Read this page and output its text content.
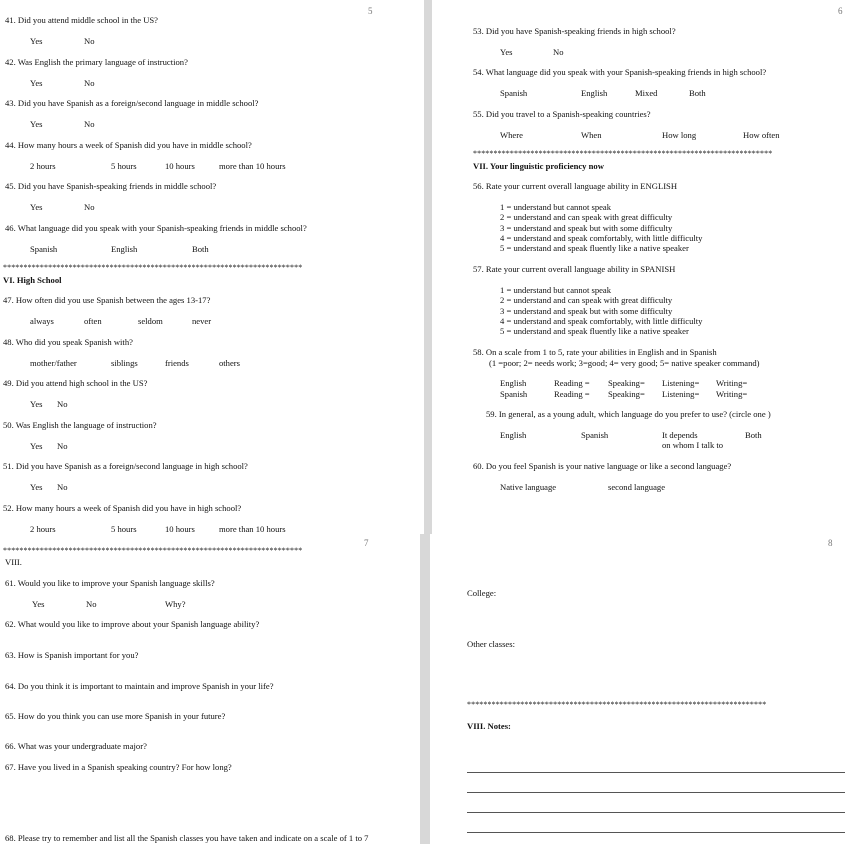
5
41. Did you attend middle school in the US?
Yes	No
42. Was English the primary language of instruction?
Yes	No
43. Did you have Spanish as a foreign/second language in middle school?
Yes	No
44. How many hours a week of Spanish did you have in middle school?
2 hours	5 hours	10 hours	more than 10 hours
45. Did you have Spanish-speaking friends in middle school?
Yes	No
46. What language did you speak with your Spanish-speaking friends in middle school?
Spanish	English	Both
*************************************************************************
VI. High School
47. How often did you use Spanish between the ages 13-17?
always	often	seldom	never
48. Who did you speak Spanish with?
mother/father	siblings	friends	others
49. Did you attend high school in the US?
Yes No
50. Was English the language of instruction?
Yes No
51. Did you have Spanish as a foreign/second language in high school?
Yes No
52. How many hours a week of Spanish did you have in high school?
2 hours	5 hours	10 hours	more than 10 hours
6
53. Did you have Spanish-speaking friends in high school?
Yes	No
54. What language did you speak with your Spanish-speaking friends in high school?
Spanish	English	Mixed	Both
55. Did you travel to a Spanish-speaking countries?
Where	When	How long	How often
*************************************************************************
VII. Your linguistic proficiency now
56. Rate your current overall language ability in ENGLISH
1 = understand but cannot speak
2 = understand and can speak with great difficulty
3 = understand and speak but with some difficulty
4 = understand and speak comfortably, with little difficulty
5 = understand and speak fluently like a native speaker
57. Rate your current overall language ability in SPANISH
1 = understand but cannot speak
2 = understand and can speak with great difficulty
3 = understand and speak but with some difficulty
4 = understand and speak comfortably, with little difficulty
5 = understand and speak fluently like a native speaker
58. On a scale from 1 to 5, rate your abilities in English and in Spanish
(1 =poor; 2= needs work; 3=good; 4= very good; 5= native speaker command)
English	Reading = Speaking= Listening= Writing=
Spanish	Reading = Speaking= Listening= Writing=
59. In general, as a young adult, which language do you prefer to use? (circle one )
English	Spanish	It depends
on whom I talk to
Both
60. Do you feel Spanish is your native language or like a second language?
Native language	second language
7
*************************************************************************
VIII.
61. Would you like to improve your Spanish language skills?
Yes	No	Why?
62. What would you like to improve about your Spanish language ability?
63. How is Spanish important for you?
64. Do you think it is important to maintain and improve Spanish in your life?
65. How do you think you can use more Spanish in your future?
66. What was your undergraduate major?
67. Have you lived in a Spanish speaking country? For how long?
68. Please try to remember and list all the Spanish classes you have taken and indicate on a scale of 1 to 7
8
College:
Other classes:
*************************************************************************
VIII. Notes:
